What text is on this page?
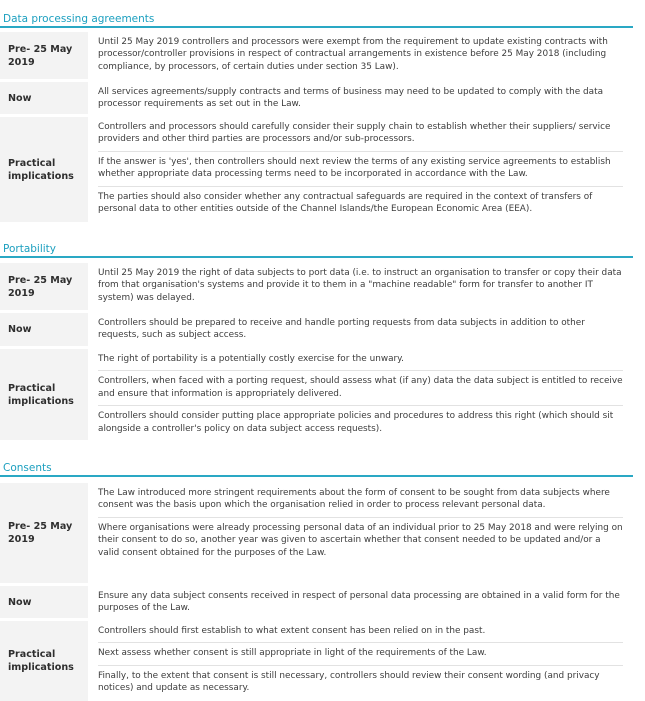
Data processing agreements
Pre- 25 May
2019

Until 25 May 2019 controllers and processors were exempt from the requirement to update existing contracts with processor/controller provisions in respect of contractual arrangements in existence before 25 May 2018 (including compliance, by processors, of certain duties under section 35 Law).

Now

All services agreements/supply contracts and terms of business may need to be updated to comply with the data processor requirements as set out in the Law.

Practical
implications

Controllers and processors should carefully consider their supply chain to establish whether their suppliers/ service providers and other third parties are processors and/or sub-processors.

If the answer is 'yes', then controllers should next review the terms of any existing service agreements to establish whether appropriate data processing terms need to be incorporated in accordance with the Law.

The parties should also consider whether any contractual safeguards are required in the context of transfers of personal data to other entities outside of the Channel Islands/the European Economic Area (EEA).

Portability
Pre- 25 May
2019

Until 25 May 2019 the right of data subjects to port data (i.e. to instruct an organisation to transfer or copy their data from that organisation's systems and provide it to them in a "machine readable" form for transfer to another IT system) was delayed.

Now

Controllers should be prepared to receive and handle porting requests from data subjects in addition to other requests, such as subject access.

Practical
implications

The right of portability is a potentially costly exercise for the unwary.

Controllers, when faced with a porting request, should assess what (if any) data the data subject is entitled to receive and ensure that information is appropriately delivered.

Controllers should consider putting place appropriate policies and procedures to address this right (which should sit alongside a controller's policy on data subject access requests).

Consents
Pre- 25 May
2019

The Law introduced more stringent requirements about the form of consent to be sought from data subjects where consent was the basis upon which the organisation relied in order to process relevant personal data.

Where organisations were already processing personal data of an individual prior to 25 May 2018 and were relying on their consent to do so, another year was given to ascertain whether that consent needed to be updated and/or a valid consent obtained for the purposes of the Law.

Now

Ensure any data subject consents received in respect of personal data processing are obtained in a valid form for the purposes of the Law.

Practical
implications

Controllers should first establish to what extent consent has been relied on in the past.

Next assess whether consent is still appropriate in light of the requirements of the Law.

Finally, to the extent that consent is still necessary, controllers should review their consent wording (and privacy notices) and update as necessary.
